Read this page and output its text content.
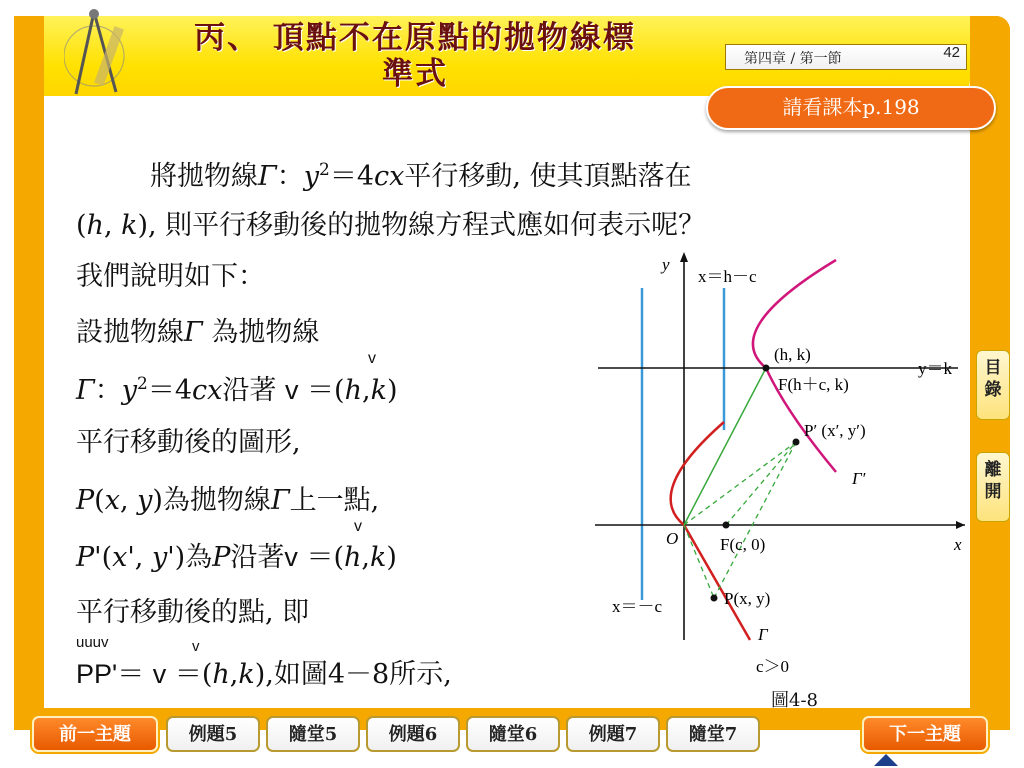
丙、 頂點不在原點的拋物線標
準式	第四章 / 第一節	42
請看課本p.198
將拋物線Γ：$y^2=4cx$平行移動, 使其頂點落在
(h, k), 則平行移動後的拋物線方程式應如何表示呢？
我們說明如下：
設拋物線Γ 為拋物線
Γ：$y^2=4cx$沿著 v ＝(h,k)
v
平行移動後的圖形,
P(x, y)為拋物線Γ上一點,
P'(x', y')為P沿著v ＝(h,k)
v
平行移動後的點, 即
uuuv	v
PP'＝ v ＝(h,k),如圖4－8所示,
y
x＝h－c
y＝k
(h, k)
F(h＋c, k)
P′ (x′, y′)
Γ′
O F(c, 0)	x
x＝－c	P(x, y)
Γ
c＞0
圖4-8
目錄
離開
前一主題	例題5	隨堂5	例題6	隨堂6	例題7	隨堂7	下一主題
